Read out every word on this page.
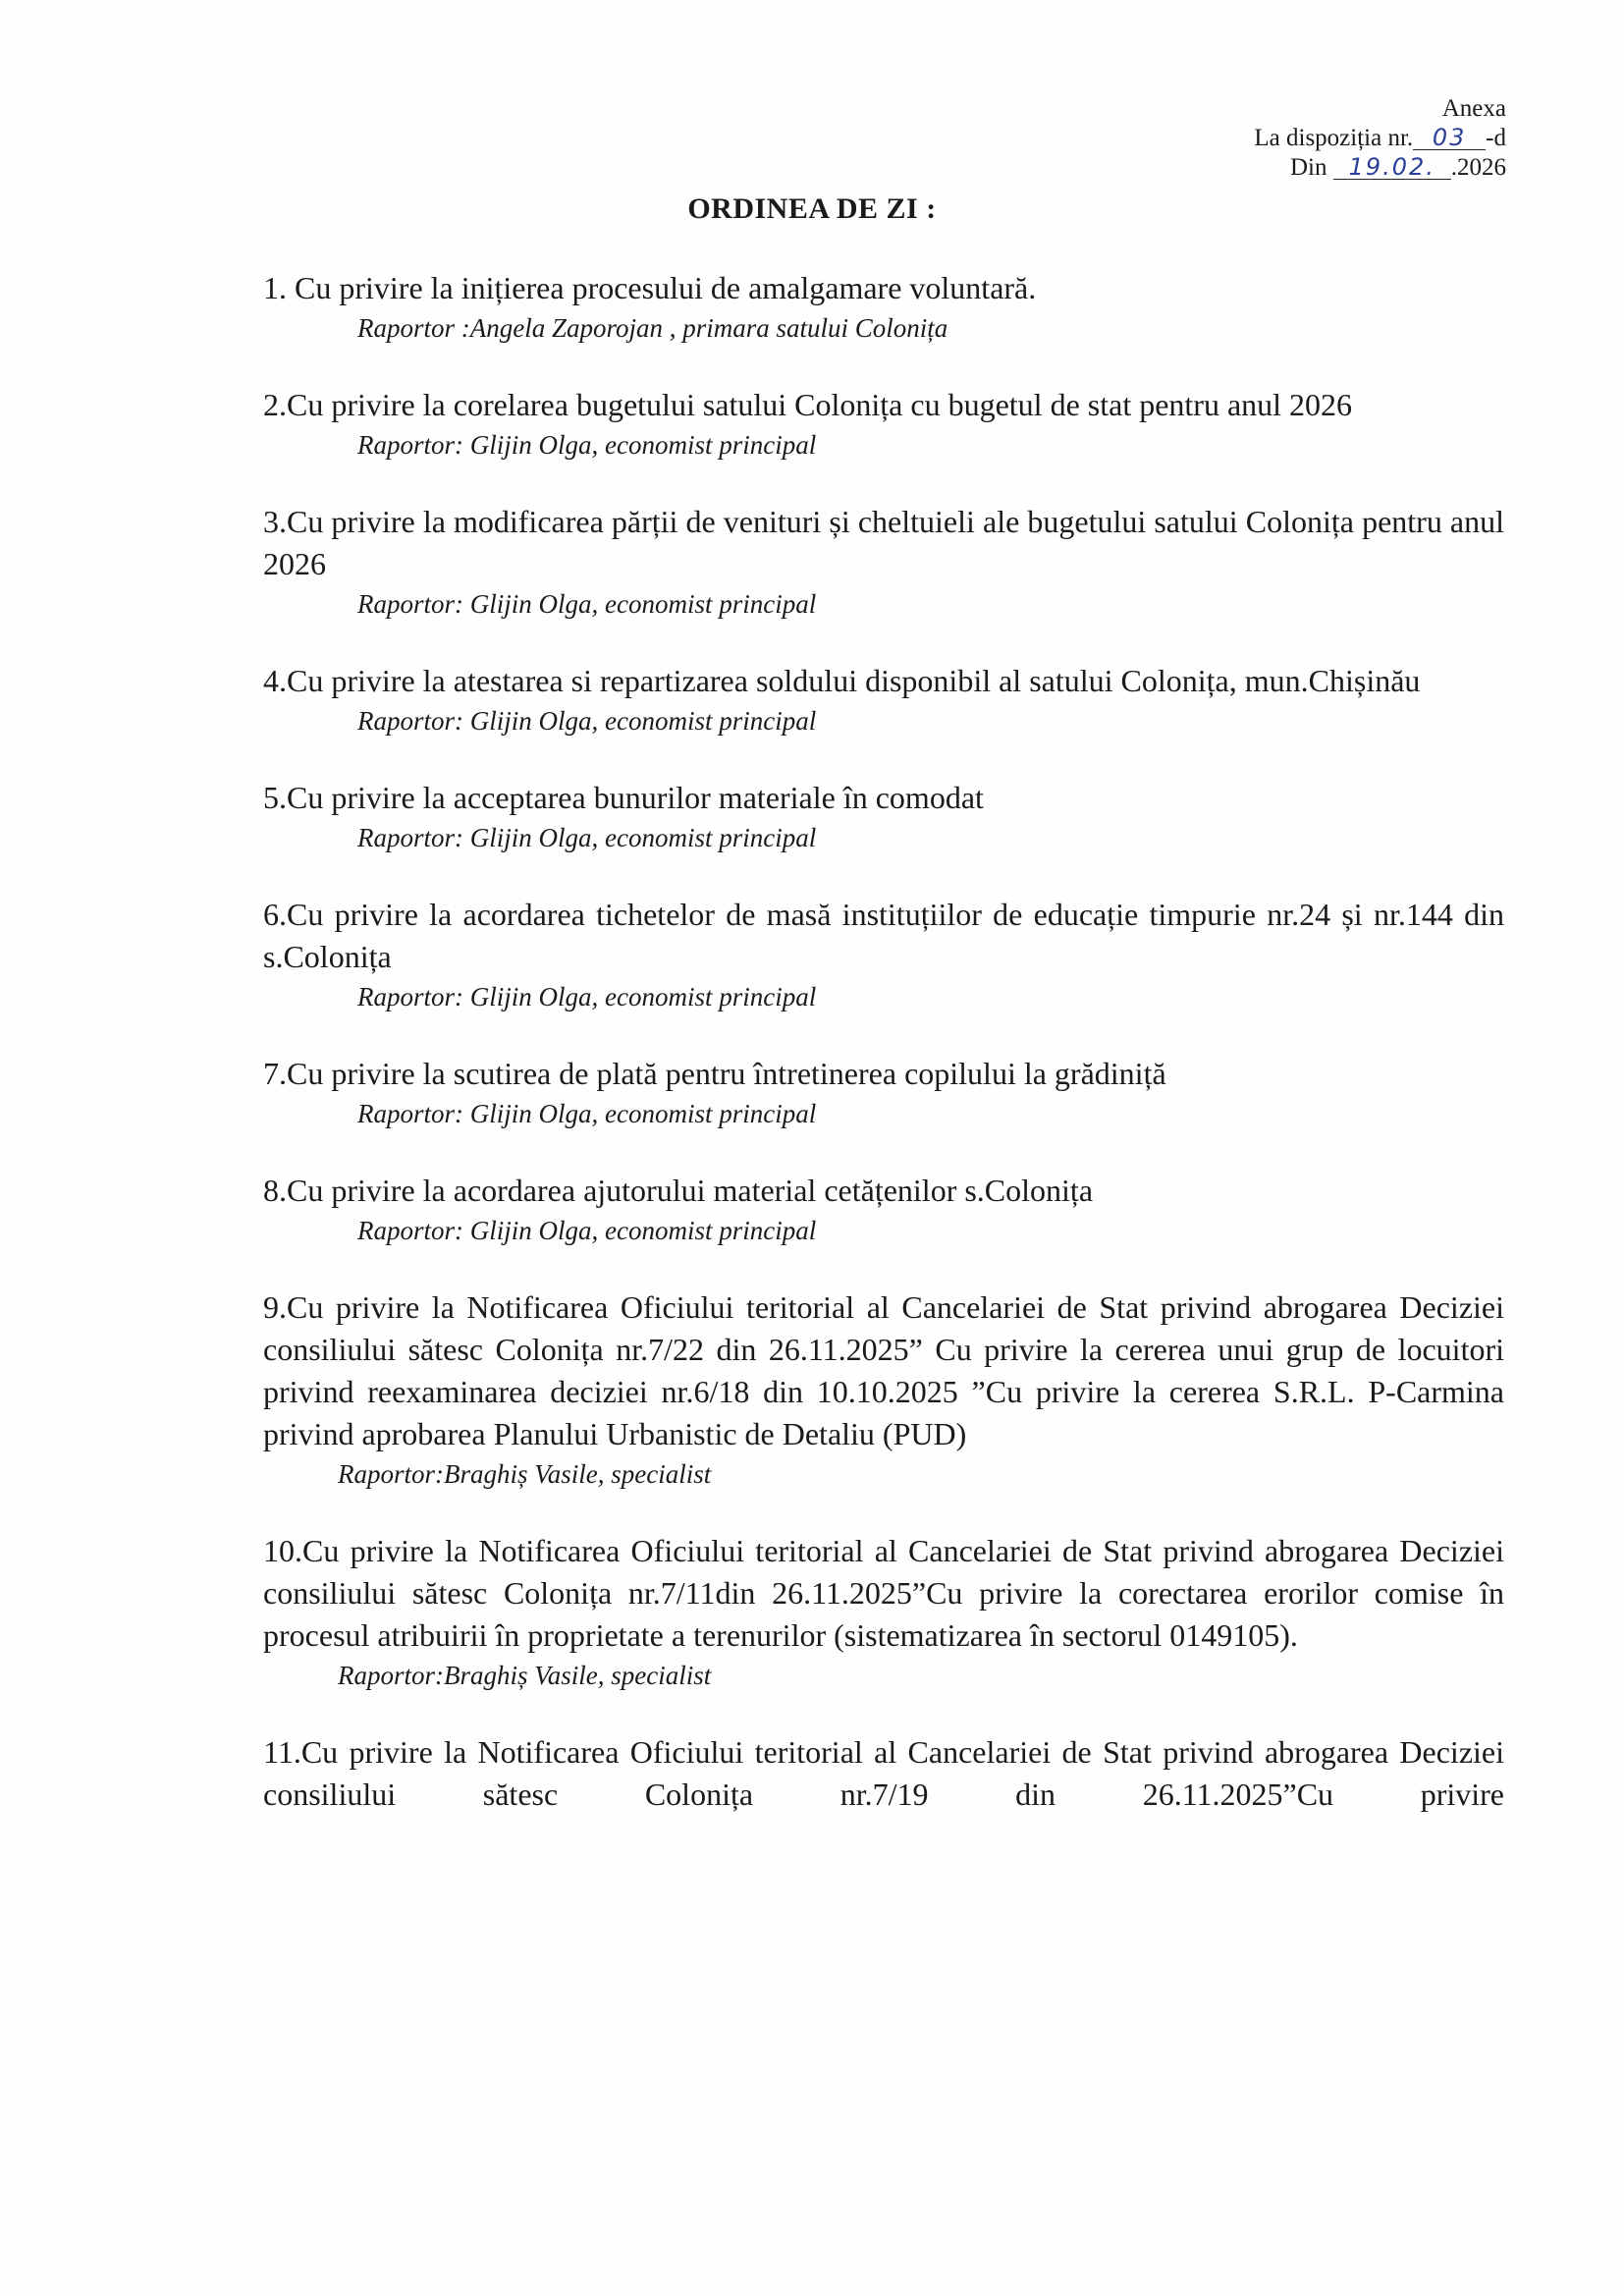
Anexa
La dispoziția nr. 03 -d
Din 19.02. .2026
ORDINEA DE ZI :
1. Cu privire la inițierea procesului de amalgamare voluntară.
Raportor :Angela Zaporojan , primara satului Colonița
2.Cu privire la corelarea bugetului satului Colonița cu bugetul de stat pentru anul 2026
Raportor: Glijin Olga, economist principal
3.Cu privire la modificarea părții de venituri și cheltuieli ale bugetului satului Colonița pentru anul 2026
Raportor: Glijin Olga, economist principal
4.Cu privire la atestarea si repartizarea soldului disponibil al satului Colonița, mun.Chișinău
Raportor: Glijin Olga, economist principal
5.Cu privire la acceptarea bunurilor materiale în comodat
Raportor: Glijin Olga, economist principal
6.Cu privire la acordarea tichetelor de masă instituțiilor de educație timpurie nr.24 și nr.144 din s.Colonița
Raportor: Glijin Olga, economist principal
7.Cu privire la scutirea de plată pentru întretinerea copilului la grădiniță
Raportor: Glijin Olga, economist principal
8.Cu privire la acordarea ajutorului material cetățenilor s.Colonița
Raportor: Glijin Olga, economist principal
9.Cu privire la Notificarea Oficiului teritorial al Cancelariei de Stat privind abrogarea Deciziei consiliului sătesc Colonița nr.7/22 din 26.11.2025” Cu privire la cererea unui grup de locuitori privind reexaminarea deciziei nr.6/18 din 10.10.2025 ”Cu privire la cererea S.R.L. P-Carmina privind aprobarea Planului Urbanistic de Detaliu (PUD)
Raportor:Braghiș Vasile, specialist
10.Cu privire la Notificarea Oficiului teritorial al Cancelariei de Stat privind abrogarea Deciziei consiliului sătesc Colonița nr.7/11din 26.11.2025”Cu privire la corectarea erorilor comise în procesul atribuirii în proprietate a terenurilor (sistematizarea în sectorul 0149105).
Raportor:Braghiș Vasile, specialist
11.Cu privire la Notificarea Oficiului teritorial al Cancelariei de Stat privind abrogarea Deciziei consiliului sătesc Colonița nr.7/19 din 26.11.2025”Cu privire
